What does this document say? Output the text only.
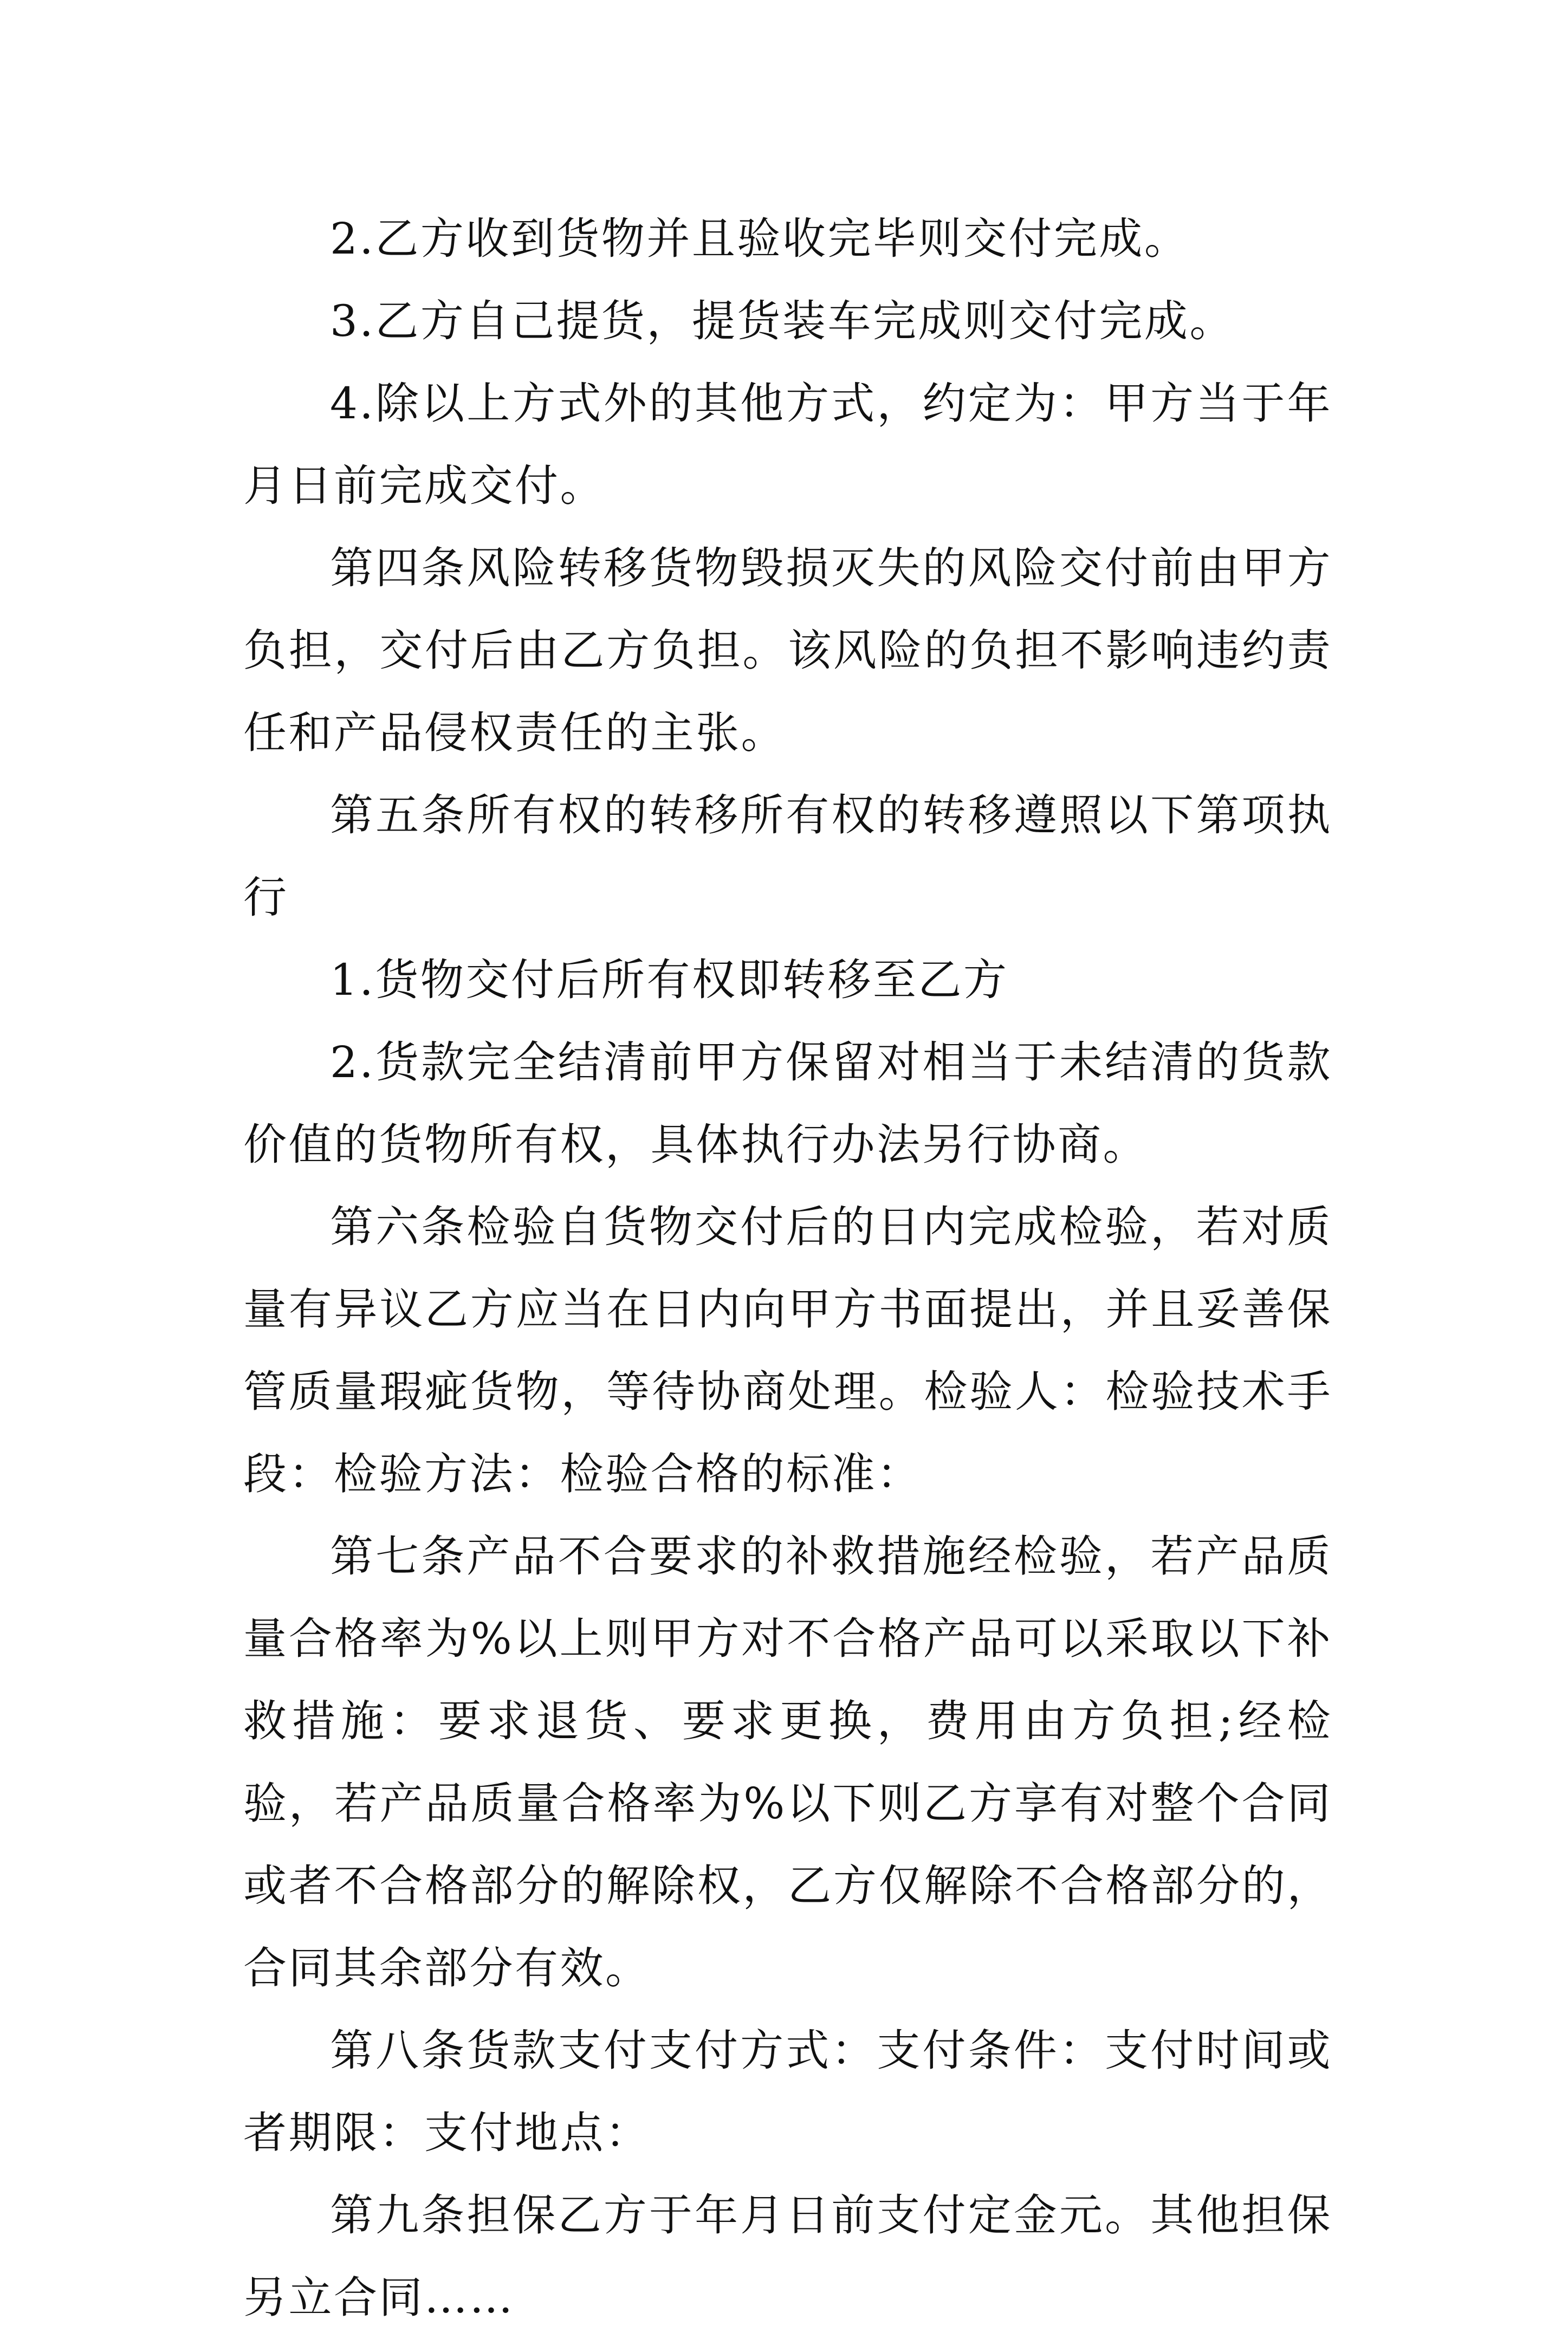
2.乙方收到货物并且验收完毕则交付完成。

3.乙方自己提货，提货装车完成则交付完成。

4.除以上方式外的其他方式，约定为：甲方当于年月日前完成交付。

第四条风险转移货物毁损灭失的风险交付前由甲方负担，交付后由乙方负担。该风险的负担不影响违约责任和产品侵权责任的主张。

第五条所有权的转移所有权的转移遵照以下第项执行

1.货物交付后所有权即转移至乙方

2.货款完全结清前甲方保留对相当于未结清的货款价值的货物所有权，具体执行办法另行协商。

第六条检验自货物交付后的日内完成检验，若对质量有异议乙方应当在日内向甲方书面提出，并且妥善保管质量瑕疵货物，等待协商处理。检验人：检验技术手段：检验方法：检验合格的标准：

第七条产品不合要求的补救措施经检验，若产品质量合格率为%以上则甲方对不合格产品可以采取以下补救措施：要求退货、要求更换，费用由方负担;经检验，若产品质量合格率为%以下则乙方享有对整个合同或者不合格部分的解除权，乙方仅解除不合格部分的，合同其余部分有效。

第八条货款支付支付方式：支付条件：支付时间或者期限：支付地点：

第九条担保乙方于年月日前支付定金元。其他担保另立合同……
